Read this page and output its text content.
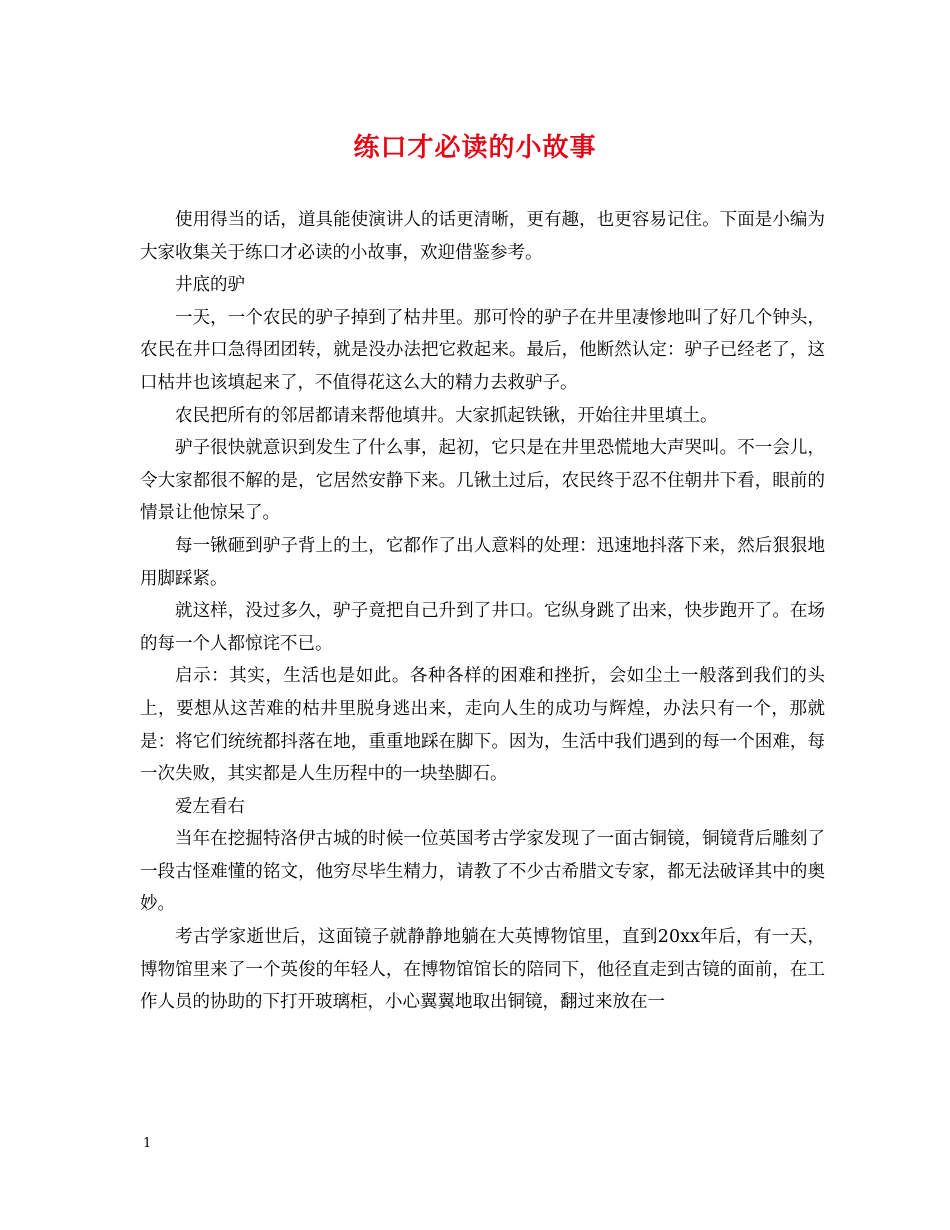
练口才必读的小故事

使用得当的话，道具能使演讲人的话更清晰，更有趣，也更容易记住。下面是小编为大家收集关于练口才必读的小故事，欢迎借鉴参考。

井底的驴

一天，一个农民的驴子掉到了枯井里。那可怜的驴子在井里凄惨地叫了好几个钟头，农民在井口急得团团转，就是没办法把它救起来。最后，他断然认定：驴子已经老了，这口枯井也该填起来了，不值得花这么大的精力去救驴子。

农民把所有的邻居都请来帮他填井。大家抓起铁锹，开始往井里填土。

驴子很快就意识到发生了什么事，起初，它只是在井里恐慌地大声哭叫。不一会儿，令大家都很不解的是，它居然安静下来。几锹土过后，农民终于忍不住朝井下看，眼前的情景让他惊呆了。

每一锹砸到驴子背上的土，它都作了出人意料的处理：迅速地抖落下来，然后狠狠地用脚踩紧。

就这样，没过多久，驴子竟把自己升到了井口。它纵身跳了出来，快步跑开了。在场的每一个人都惊诧不已。

启示：其实，生活也是如此。各种各样的困难和挫折，会如尘土一般落到我们的头上，要想从这苦难的枯井里脱身逃出来，走向人生的成功与辉煌，办法只有一个，那就是：将它们统统都抖落在地，重重地踩在脚下。因为，生活中我们遇到的每一个困难，每一次失败，其实都是人生历程中的一块垫脚石。

爱左看右

当年在挖掘特洛伊古城的时候一位英国考古学家发现了一面古铜镜，铜镜背后雕刻了一段古怪难懂的铭文，他穷尽毕生精力，请教了不少古希腊文专家，都无法破译其中的奥妙。

考古学家逝世后，这面镜子就静静地躺在大英博物馆里，直到20xx年后，有一天，博物馆里来了一个英俊的年轻人，在博物馆馆长的陪同下，他径直走到古镜的面前，在工作人员的协助的下打开玻璃柜，小心翼翼地取出铜镜，翻过来放在一

1
